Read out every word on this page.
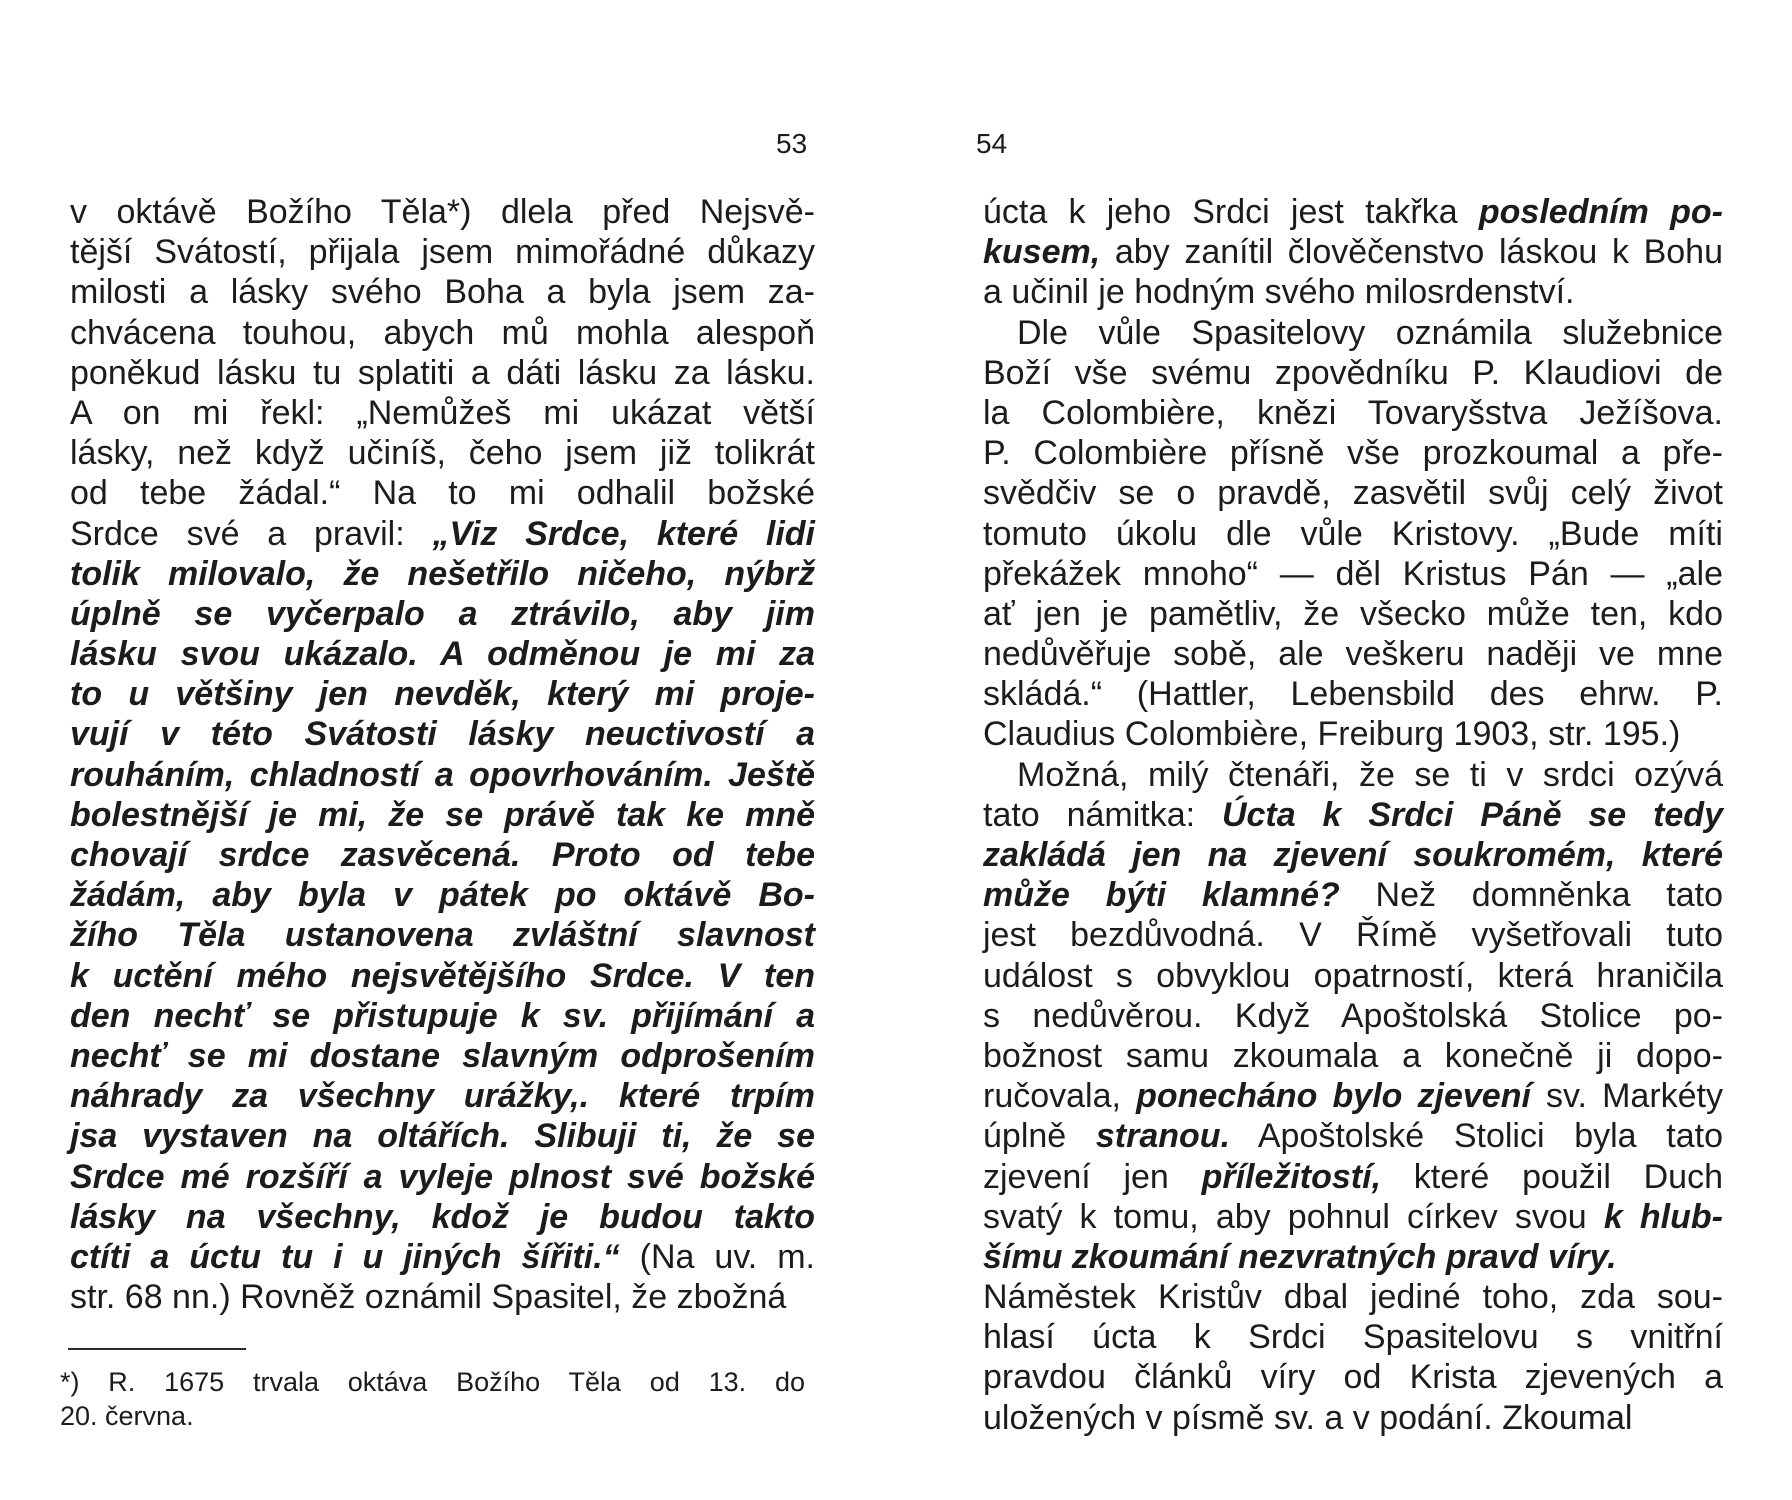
53
v oktávě Božího Těla*) dlela před Nejsvě-
tější Svátostí, přijala jsem mimořádné důkazy
milosti a lásky svého Boha a byla jsem za-
chvácena touhou, abych mů mohla alespoň
poněkud lásku tu splatiti a dáti lásku za lásku.
A on mi řekl: „Nemůžeš mi ukázat větší
lásky, než když učiníš, čeho jsem již tolikrát
od tebe žádal.“ Na to mi odhalil božské
Srdce své a pravil: „Viz Srdce, které lidi
tolik milovalo, že nešetřilo ničeho, nýbrž
úplně se vyčerpalo a ztrávilo, aby jim
lásku svou ukázalo. A odměnou je mi za
to u většiny jen nevděk, který mi proje-
vují v této Svátosti lásky neuctivostí a
rouháním, chladností a opovrhováním. Ještě
bolestnější je mi, že se právě tak ke mně
chovají srdce zasvěcená. Proto od tebe
žádám, aby byla v pátek po oktávě Bo-
žího Těla ustanovena zvláštní slavnost
k uctění mého nejsvětějšího Srdce. V ten
den nechť se přistupuje k sv. přijímání a
nechť se mi dostane slavným odprošením
náhrady za všechny urážky,. které trpím
jsa vystaven na oltářích. Slibuji ti, že se
Srdce mé rozšíří a vyleje plnost své božské
lásky na všechny, kdož je budou takto
ctíti a úctu tu i u jiných šířiti.“ (Na uv. m.
str. 68 nn.) Rovněž oznámil Spasitel, že zbožná
*) R. 1675 trvala oktáva Božího Těla od 13. do
20. června.
54
úcta k jeho Srdci jest takřka posledním po-
kusem, aby zanítil člověčenstvo láskou k Bohu
a učinil je hodným svého milosrdenství.
Dle vůle Spasitelovy oznámila služebnice
Boží vše svému zpovědníku P. Klaudiovi de
la Colombière, knězi Tovaryšstva Ježíšova.
P. Colombière přísně vše prozkoumal a pře-
svědčiv se o pravdě, zasvětil svůj celý život
tomuto úkolu dle vůle Kristovy. „Bude míti
překážek mnoho“ — děl Kristus Pán — „ale
ať jen je pamětliv, že všecko může ten, kdo
nedůvěřuje sobě, ale veškeru naději ve mne
skládá.“ (Hattler, Lebensbild des ehrw. P.
Claudius Colombière, Freiburg 1903, str. 195.)
Možná, milý čtenáři, že se ti v srdci ozývá
tato námitka: Úcta k Srdci Páně se tedy
zakládá jen na zjevení soukromém, které
může býti klamné? Než domněnka tato
jest bezdůvodná. V Římě vyšetřovali tuto
událost s obvyklou opatrností, která hraničila
s nedůvěrou. Když Apoštolská Stolice po-
božnost samu zkoumala a konečně ji dopo-
ručovala, ponecháno bylo zjevení sv. Markéty
úplně stranou. Apoštolské Stolici byla tato
zjevení jen příležitostí, které použil Duch
svatý k tomu, aby pohnul církev svou k hlub-
šímu zkoumání nezvratných pravd víry.
Náměstek Kristův dbal jediné toho, zda sou-
hlasí úcta k Srdci Spasitelovu s vnitřní
pravdou článků víry od Krista zjevených a
uložených v písmě sv. a v podání. Zkoumal
